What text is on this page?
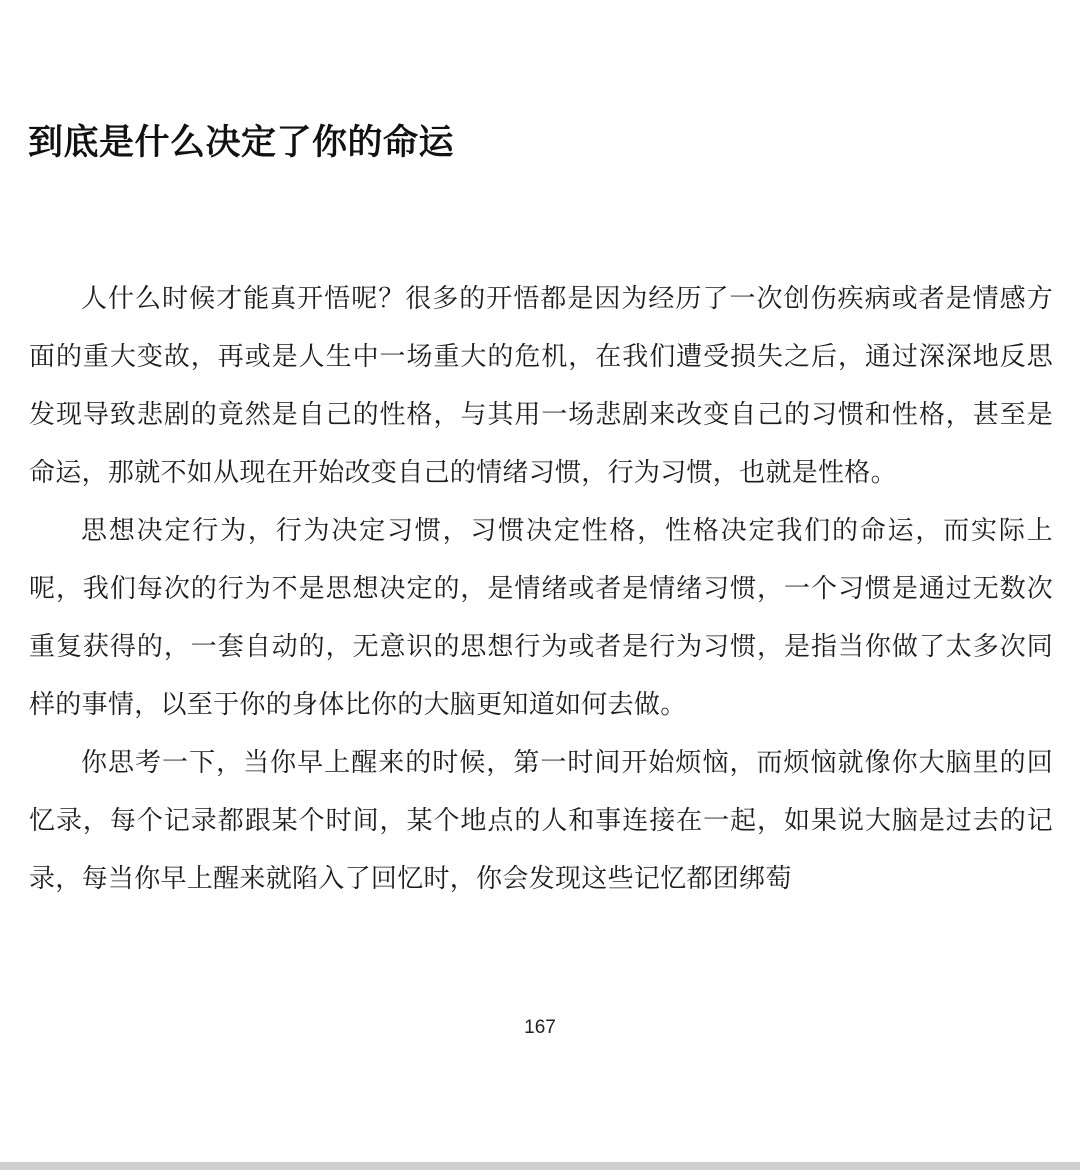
到底是什么决定了你的命运

人什么时候才能真开悟呢？很多的开悟都是因为经历了一次创伤疾病或者是情感方面的重大变故，再或是人生中一场重大的危机，在我们遭受损失之后，通过深深地反思发现导致悲剧的竟然是自己的性格，与其用一场悲剧来改变自己的习惯和性格，甚至是命运，那就不如从现在开始改变自己的情绪习惯，行为习惯，也就是性格。

思想决定行为，行为决定习惯，习惯决定性格，性格决定我们的命运，而实际上呢，我们每次的行为不是思想决定的，是情绪或者是情绪习惯，一个习惯是通过无数次重复获得的，一套自动的，无意识的思想行为或者是行为习惯，是指当你做了太多次同样的事情，以至于你的身体比你的大脑更知道如何去做。

你思考一下，当你早上醒来的时候，第一时间开始烦恼，而烦恼就像你大脑里的回忆录，每个记录都跟某个时间，某个地点的人和事连接在一起，如果说大脑是过去的记录，每当你早上醒来就陷入了回忆时，你会发现这些记忆都团绑萄

167
